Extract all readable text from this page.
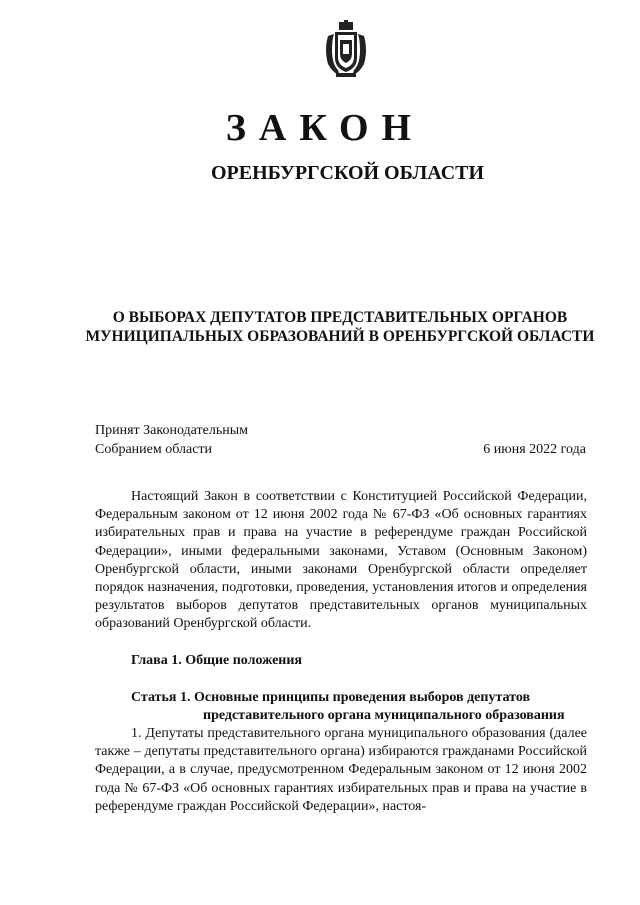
ЗАКОН
ОРЕНБУРГСКОЙ ОБЛАСТИ
О ВЫБОРАХ ДЕПУТАТОВ ПРЕДСТАВИТЕЛЬНЫХ ОРГАНОВ МУНИЦИПАЛЬНЫХ ОБРАЗОВАНИЙ В ОРЕНБУРГСКОЙ ОБЛАСТИ
Принят Законодательным
Собранием области	6 июня 2022 года

Настоящий Закон в соответствии с Конституцией Российской Федерации, Федеральным законом от 12 июня 2002 года № 67-ФЗ «Об основных гарантиях избирательных прав и права на участие в референдуме граждан Российской Федерации», иными федеральными законами, Уставом (Основным Законом) Оренбургской области, иными законами Оренбургской области определяет порядок назначения, подготовки, проведения, установления итогов и определения результатов выборов депутатов представительных органов муниципальных образований Оренбургской области.

Глава 1. Общие положения
Статья 1. Основные принципы проведения выборов депутатов
представительного органа муниципального образования

1. Депутаты представительного органа муниципального образования (далее также – депутаты представительного органа) избираются гражданами Российской Федерации, а в случае, предусмотренном Федеральным законом от 12 июня 2002 года № 67-ФЗ «Об основных гарантиях избирательных прав и права на участие в референдуме граждан Российской Федерации», настоя-
